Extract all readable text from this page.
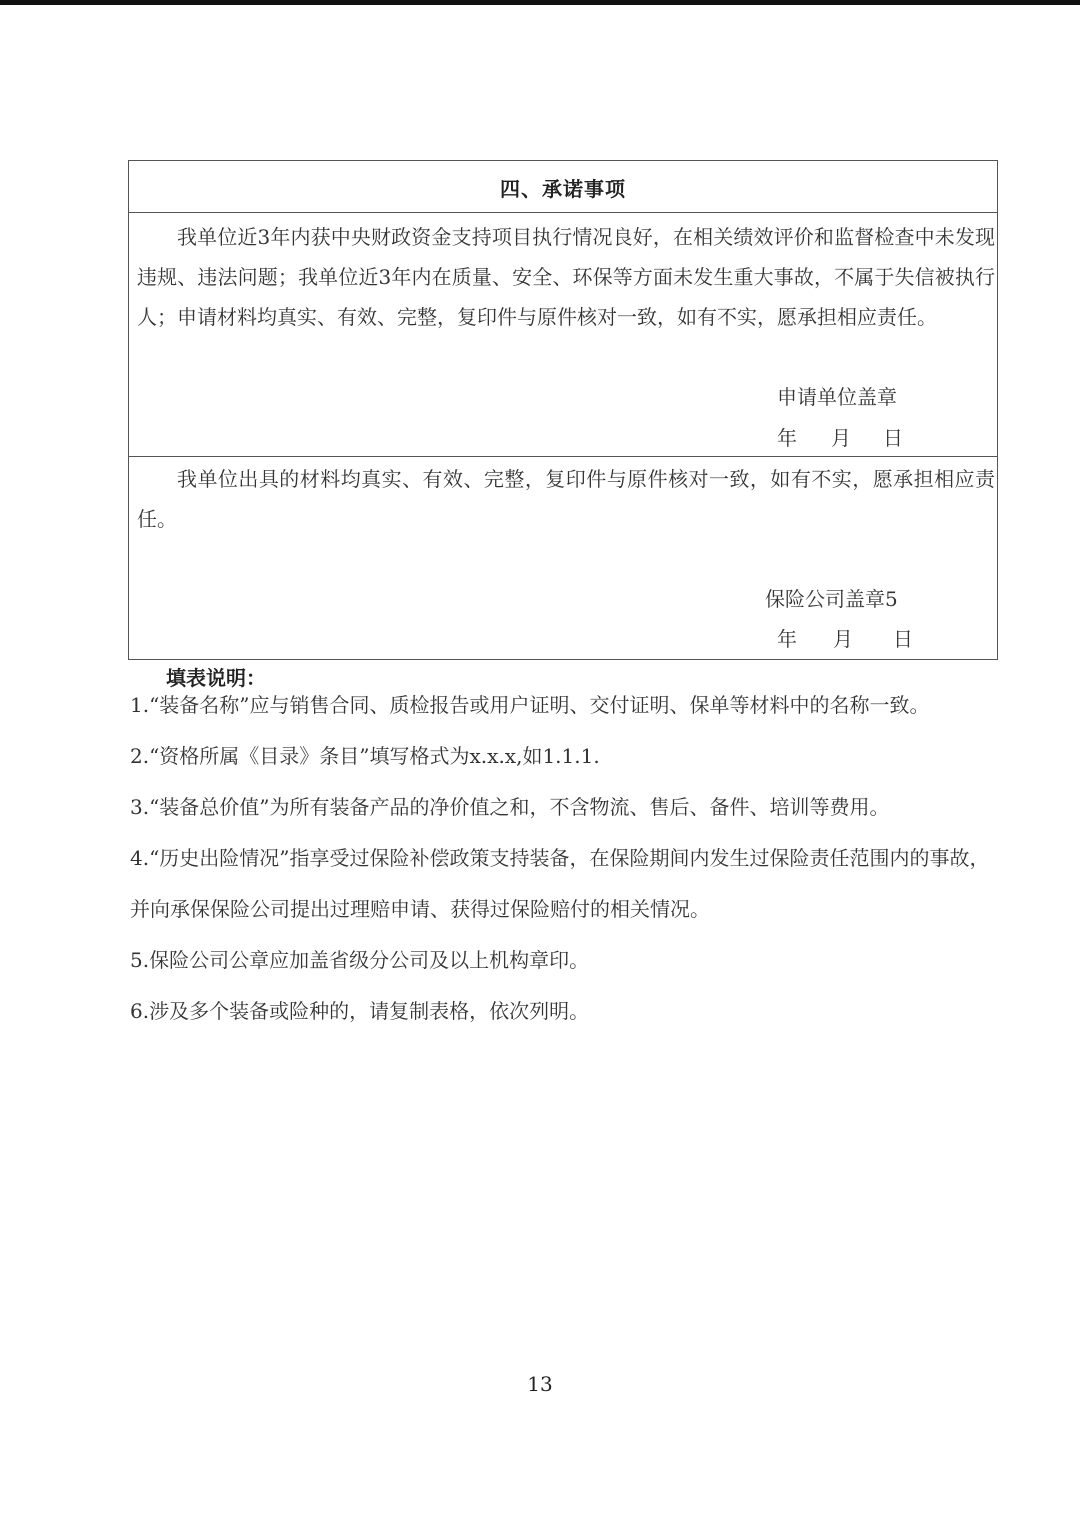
四、承诺事项
我单位近3年内获中央财政资金支持项目执行情况良好，在相关绩效评价和监督检查中未发现违规、违法问题；我单位近3年内在质量、安全、环保等方面未发生重大事故，不属于失信被执行人；申请材料均真实、有效、完整，复印件与原件核对一致，如有不实，愿承担相应责任。
申请单位盖章
年 月 日
我单位出具的材料均真实、有效、完整，复印件与原件核对一致，如有不实，愿承担相应责任。
保险公司盖章5
年 月 日
填表说明：
1.“装备名称”应与销售合同、质检报告或用户证明、交付证明、保单等材料中的名称一致。
2.“资格所属《目录》条目”填写格式为x.x.x,如1.1.1.
3.“装备总价值”为所有装备产品的净价值之和，不含物流、售后、备件、培训等费用。
4.“历史出险情况”指享受过保险补偿政策支持装备，在保险期间内发生过保险责任范围内的事故，并向承保保险公司提出过理赔申请、获得过保险赔付的相关情况。
5.保险公司公章应加盖省级分公司及以上机构章印。
6.涉及多个装备或险种的，请复制表格，依次列明。
13
